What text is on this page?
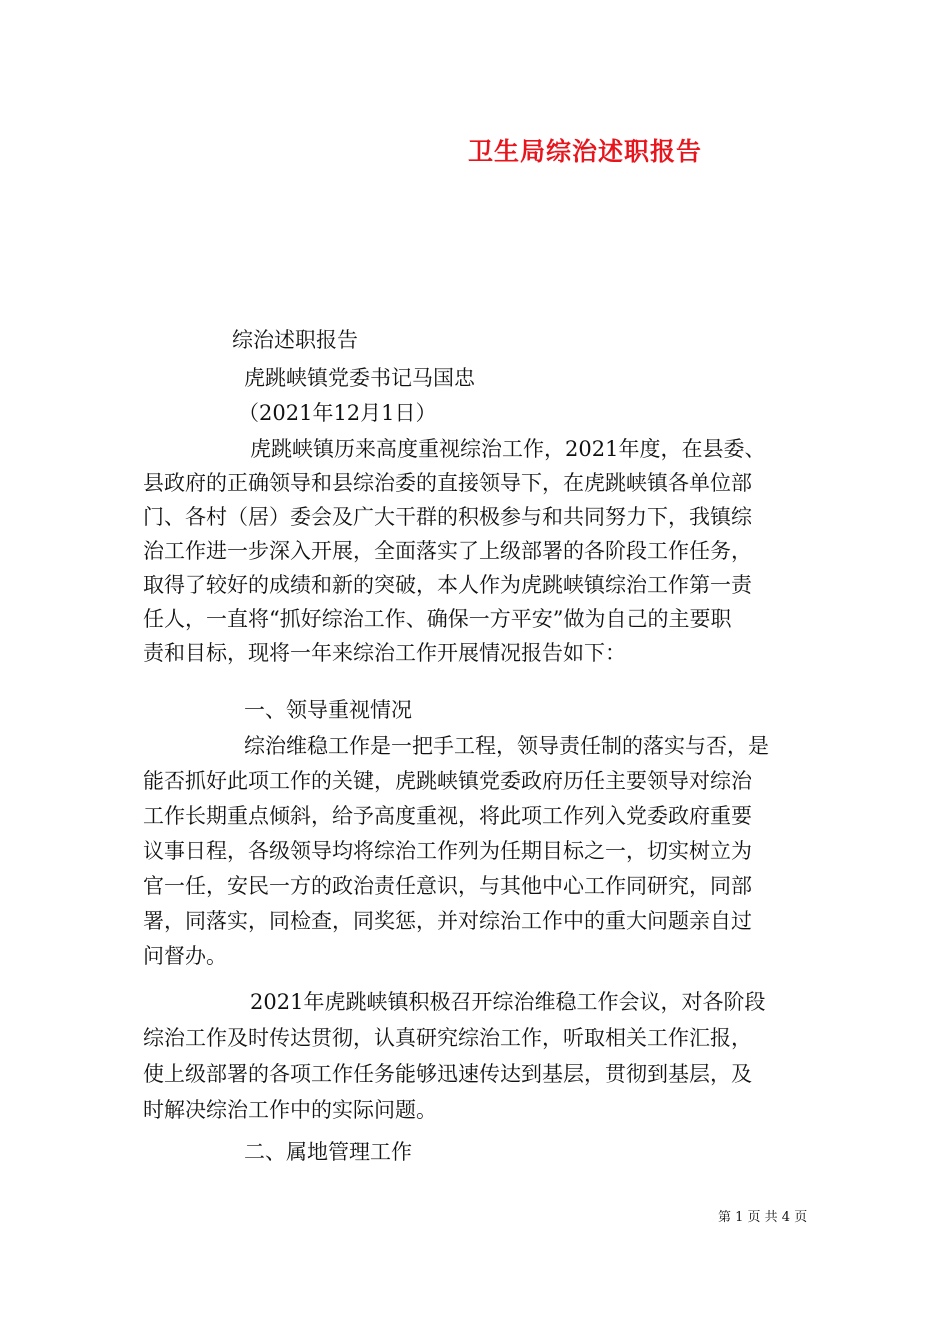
卫生局综治述职报告
综治述职报告
虎跳峡镇党委书记马国忠
（2021年12月1日）
虎跳峡镇历来高度重视综治工作，2021年度，在县委、
县政府的正确领导和县综治委的直接领导下，在虎跳峡镇各单位部
门、各村（居）委会及广大干群的积极参与和共同努力下，我镇综
治工作进一步深入开展，全面落实了上级部署的各阶段工作任务，
取得了较好的成绩和新的突破，本人作为虎跳峡镇综治工作第一责
任人，一直将“抓好综治工作、确保一方平安”做为自己的主要职
责和目标，现将一年来综治工作开展情况报告如下：
一、领导重视情况
综治维稳工作是一把手工程，领导责任制的落实与否，是
能否抓好此项工作的关键，虎跳峡镇党委政府历任主要领导对综治
工作长期重点倾斜，给予高度重视，将此项工作列入党委政府重要
议事日程，各级领导均将综治工作列为任期目标之一，切实树立为
官一任，安民一方的政治责任意识，与其他中心工作同研究，同部
署，同落实，同检查，同奖惩，并对综治工作中的重大问题亲自过
问督办。
2021年虎跳峡镇积极召开综治维稳工作会议，对各阶段
综治工作及时传达贯彻，认真研究综治工作，听取相关工作汇报，
使上级部署的各项工作任务能够迅速传达到基层，贯彻到基层，及
时解决综治工作中的实际问题。
二、属地管理工作
第 1 页 共 4 页
